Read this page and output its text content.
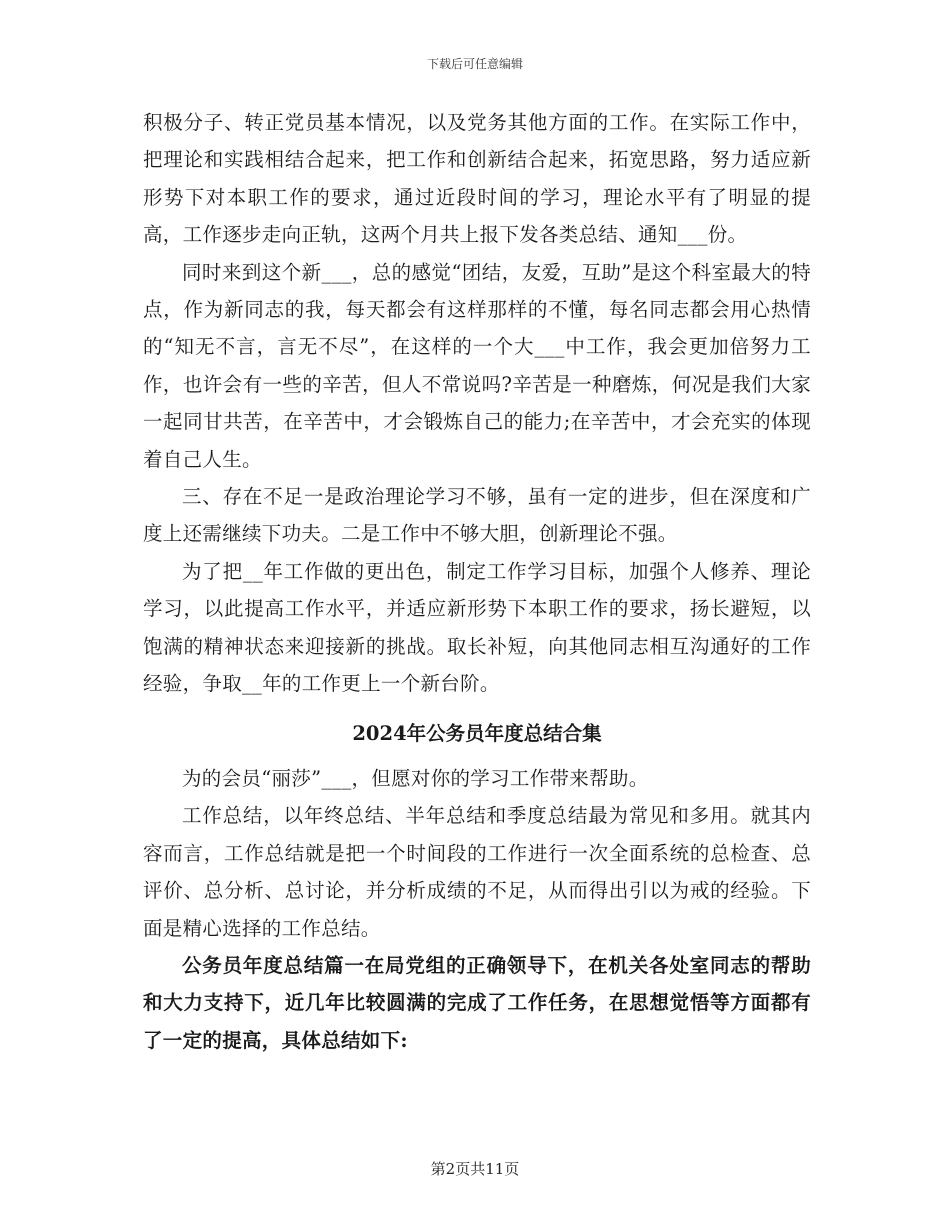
下载后可任意编辑

积极分子、转正党员基本情况，以及党务其他方面的工作。在实际工作中，把理论和实践相结合起来，把工作和创新结合起来，拓宽思路，努力适应新形势下对本职工作的要求，通过近段时间的学习，理论水平有了明显的提高，工作逐步走向正轨，这两个月共上报下发各类总结、通知___份。

同时来到这个新___，总的感觉“团结，友爱，互助”是这个科室最大的特点，作为新同志的我，每天都会有这样那样的不懂，每名同志都会用心热情的“知无不言，言无不尽”，在这样的一个大___中工作，我会更加倍努力工作，也许会有一些的辛苦，但人不常说吗?辛苦是一种磨炼，何况是我们大家一起同甘共苦，在辛苦中，才会锻炼自己的能力;在辛苦中，才会充实的体现着自己人生。

三、存在不足一是政治理论学习不够，虽有一定的进步，但在深度和广度上还需继续下功夫。二是工作中不够大胆，创新理论不强。

为了把__年工作做的更出色，制定工作学习目标，加强个人修养、理论学习，以此提高工作水平，并适应新形势下本职工作的要求，扬长避短，以饱满的精神状态来迎接新的挑战。取长补短，向其他同志相互沟通好的工作经验，争取__年的工作更上一个新台阶。

2024年公务员年度总结合集

为的会员“丽莎”___，但愿对你的学习工作带来帮助。

工作总结，以年终总结、半年总结和季度总结最为常见和多用。就其内容而言，工作总结就是把一个时间段的工作进行一次全面系统的总检查、总评价、总分析、总讨论，并分析成绩的不足，从而得出引以为戒的经验。下面是精心选择的工作总结。

公务员年度总结篇一在局党组的正确领导下，在机关各处室同志的帮助和大力支持下，近几年比较圆满的完成了工作任务，在思想觉悟等方面都有了一定的提高，具体总结如下:

第2页共11页
